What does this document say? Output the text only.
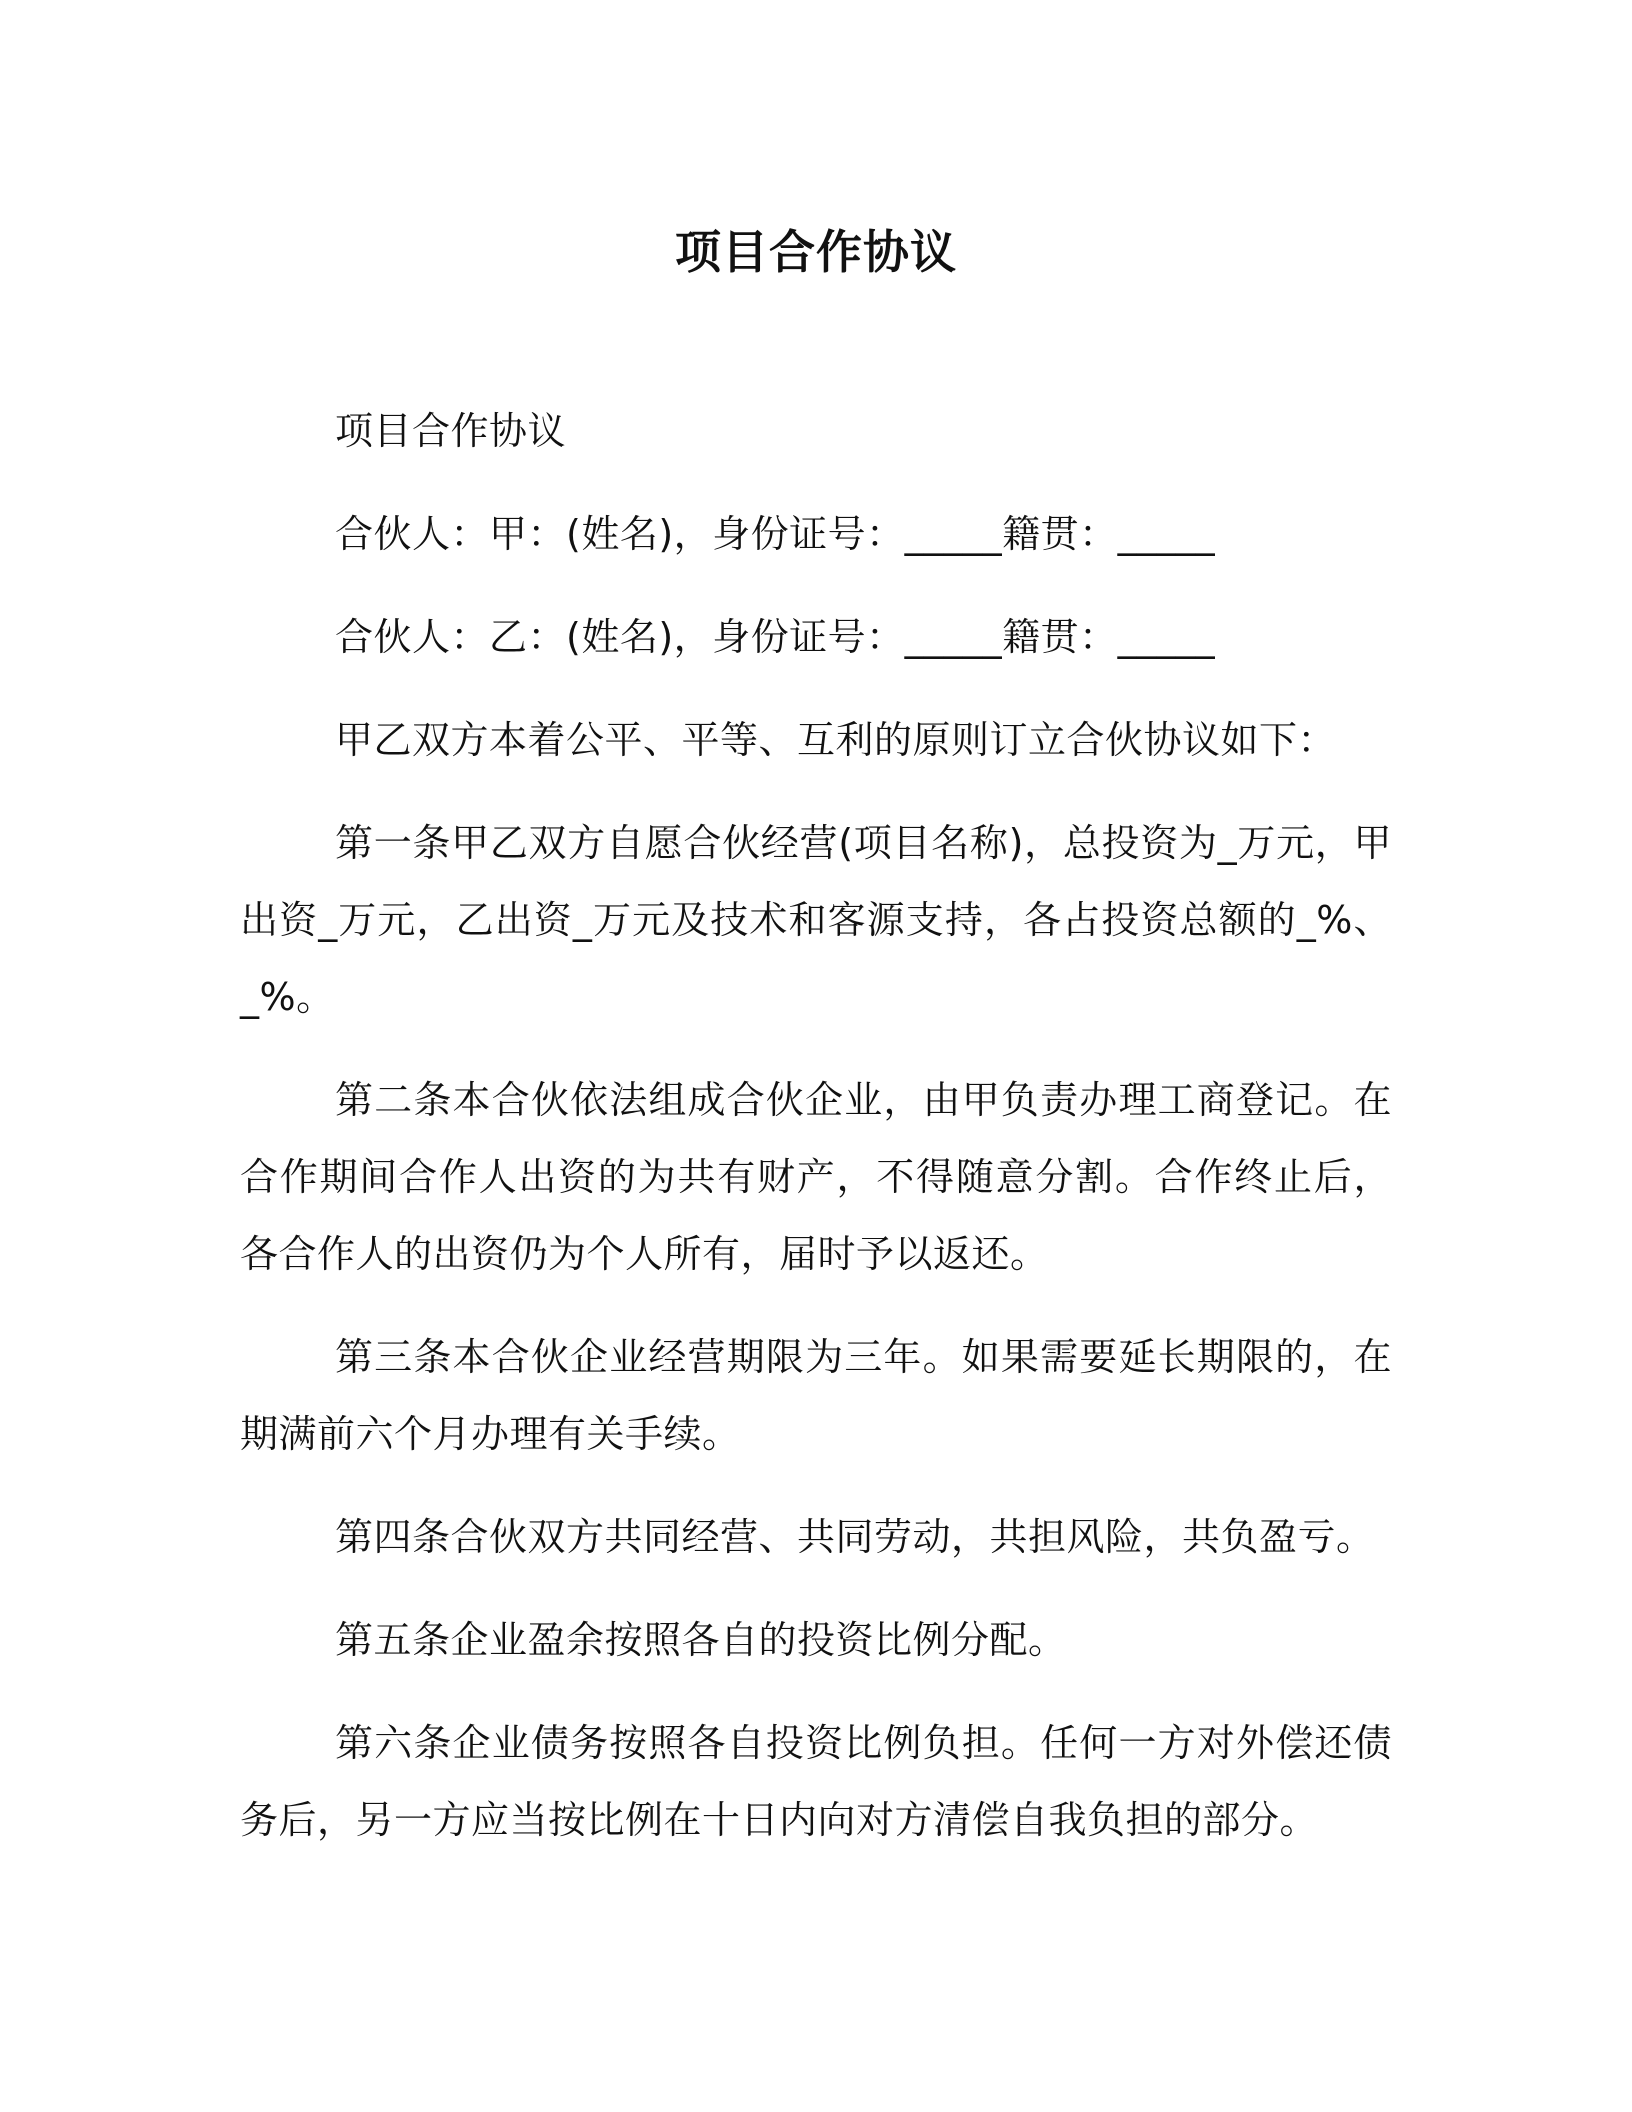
项目合作协议

项目合作协议

合伙人：甲：(姓名)，身份证号：_____籍贯：_____

合伙人：乙：(姓名)，身份证号：_____籍贯：_____

甲乙双方本着公平、平等、互利的原则订立合伙协议如下：

第一条甲乙双方自愿合伙经营(项目名称)，总投资为_万元，甲出资_万元，乙出资_万元及技术和客源支持，各占投资总额的_%、_%。

第二条本合伙依法组成合伙企业，由甲负责办理工商登记。在合作期间合作人出资的为共有财产，不得随意分割。合作终止后，各合作人的出资仍为个人所有，届时予以返还。

第三条本合伙企业经营期限为三年。如果需要延长期限的，在期满前六个月办理有关手续。

第四条合伙双方共同经营、共同劳动，共担风险，共负盈亏。

第五条企业盈余按照各自的投资比例分配。

第六条企业债务按照各自投资比例负担。任何一方对外偿还债务后，另一方应当按比例在十日内向对方清偿自我负担的部分。
